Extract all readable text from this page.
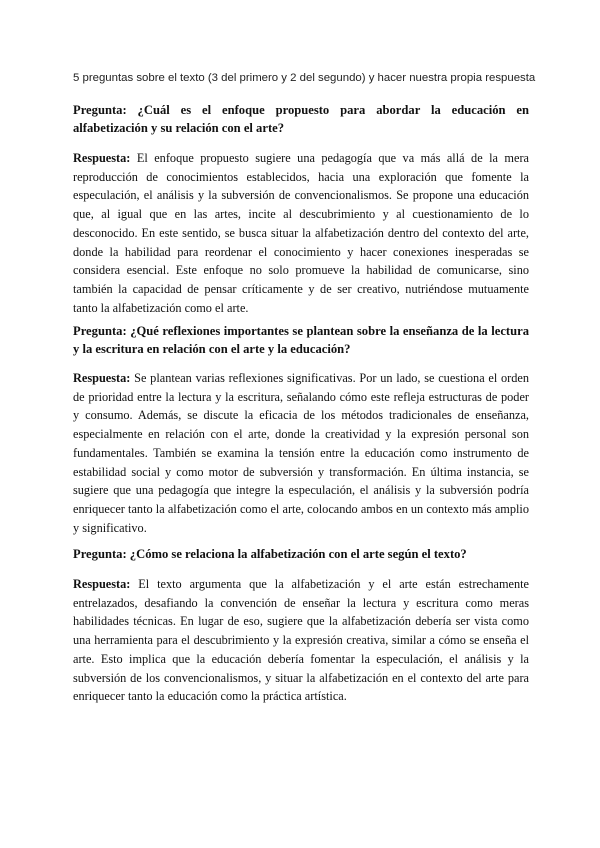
5 preguntas sobre el texto (3 del primero y 2 del segundo) y hacer nuestra propia respuesta

Pregunta: ¿Cuál es el enfoque propuesto para abordar la educación en alfabetización y su relación con el arte?

Respuesta: El enfoque propuesto sugiere una pedagogía que va más allá de la mera reproducción de conocimientos establecidos, hacia una exploración que fomente la especulación, el análisis y la subversión de convencionalismos. Se propone una educación que, al igual que en las artes, incite al descubrimiento y al cuestionamiento de lo desconocido. En este sentido, se busca situar la alfabetización dentro del contexto del arte, donde la habilidad para reordenar el conocimiento y hacer conexiones inesperadas se considera esencial. Este enfoque no solo promueve la habilidad de comunicarse, sino también la capacidad de pensar críticamente y de ser creativo, nutriéndose mutuamente tanto la alfabetización como el arte.

Pregunta: ¿Qué reflexiones importantes se plantean sobre la enseñanza de la lectura y la escritura en relación con el arte y la educación?

Respuesta: Se plantean varias reflexiones significativas. Por un lado, se cuestiona el orden de prioridad entre la lectura y la escritura, señalando cómo este refleja estructuras de poder y consumo. Además, se discute la eficacia de los métodos tradicionales de enseñanza, especialmente en relación con el arte, donde la creatividad y la expresión personal son fundamentales. También se examina la tensión entre la educación como instrumento de estabilidad social y como motor de subversión y transformación. En última instancia, se sugiere que una pedagogía que integre la especulación, el análisis y la subversión podría enriquecer tanto la alfabetización como el arte, colocando ambos en un contexto más amplio y significativo.

Pregunta: ¿Cómo se relaciona la alfabetización con el arte según el texto?

Respuesta: El texto argumenta que la alfabetización y el arte están estrechamente entrelazados, desafiando la convención de enseñar la lectura y escritura como meras habilidades técnicas. En lugar de eso, sugiere que la alfabetización debería ser vista como una herramienta para el descubrimiento y la expresión creativa, similar a cómo se enseña el arte. Esto implica que la educación debería fomentar la especulación, el análisis y la subversión de los convencionalismos, y situar la alfabetización en el contexto del arte para enriquecer tanto la educación como la práctica artística.
